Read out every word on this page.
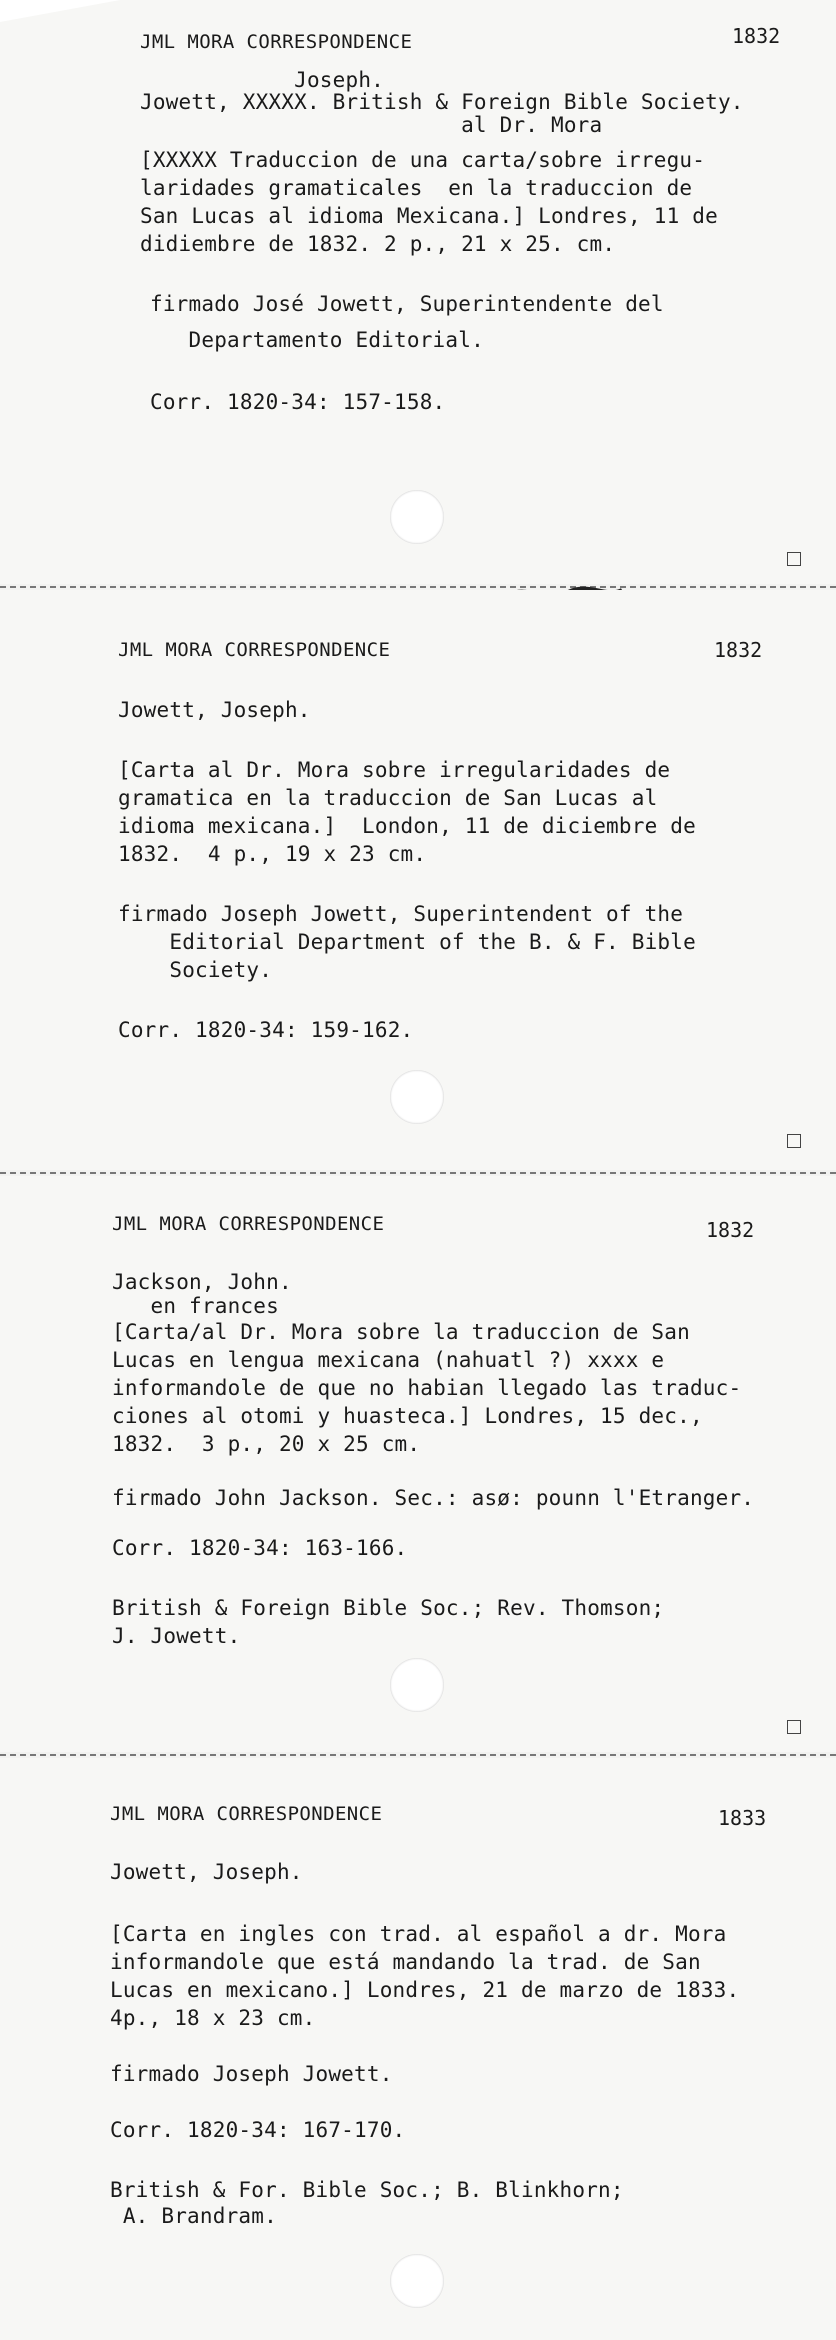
JML MORA CORRESPONDENCE	1832
Joseph.
Jowett, XXXXX. British & Foreign Bible Society.
al Dr. Mora
[XXXXX Traduccion de una carta/sobre irregu-
laridades gramaticales  en la traduccion de
San Lucas al idioma Mexicana.] Londres, 11 de
didiembre de 1832. 2 p., 21 x 25. cm.
firmado José Jowett, Superintendente del
Departamento Editorial.
Corr. 1820-34: 157-158.
JML MORA CORRESPONDENCE	1832
Jowett, Joseph.
[Carta al Dr. Mora sobre irregularidades de
gramatica en la traduccion de San Lucas al
idioma mexicana.]  London, 11 de diciembre de
1832.  4 p., 19 x 23 cm.
firmado Joseph Jowett, Superintendent of the
Editorial Department of the B. & F. Bible
Society.
Corr. 1820-34: 159-162.
JML MORA CORRESPONDENCE	1832
Jackson, John.
en frances
[Carta/al Dr. Mora sobre la traduccion de San
Lucas en lengua mexicana (nahuatl ?) xxxx e
informandole de que no habian llegado las traduc-
ciones al otomi y huasteca.] Londres, 15 dec.,
1832.  3 p., 20 x 25 cm.
firmado John Jackson. Sec.: asø: pounn l'Etranger.
Corr. 1820-34: 163-166.
British & Foreign Bible Soc.; Rev. Thomson;
J. Jowett.
JML MORA CORRESPONDENCE	1833
Jowett, Joseph.
[Carta en ingles con trad. al español a dr. Mora
informandole que está mandando la trad. de San
Lucas en mexicano.] Londres, 21 de marzo de 1833.
4p., 18 x 23 cm.
firmado Joseph Jowett.
Corr. 1820-34: 167-170.
British & For. Bible Soc.; B. Blinkhorn;
A. Brandram.
